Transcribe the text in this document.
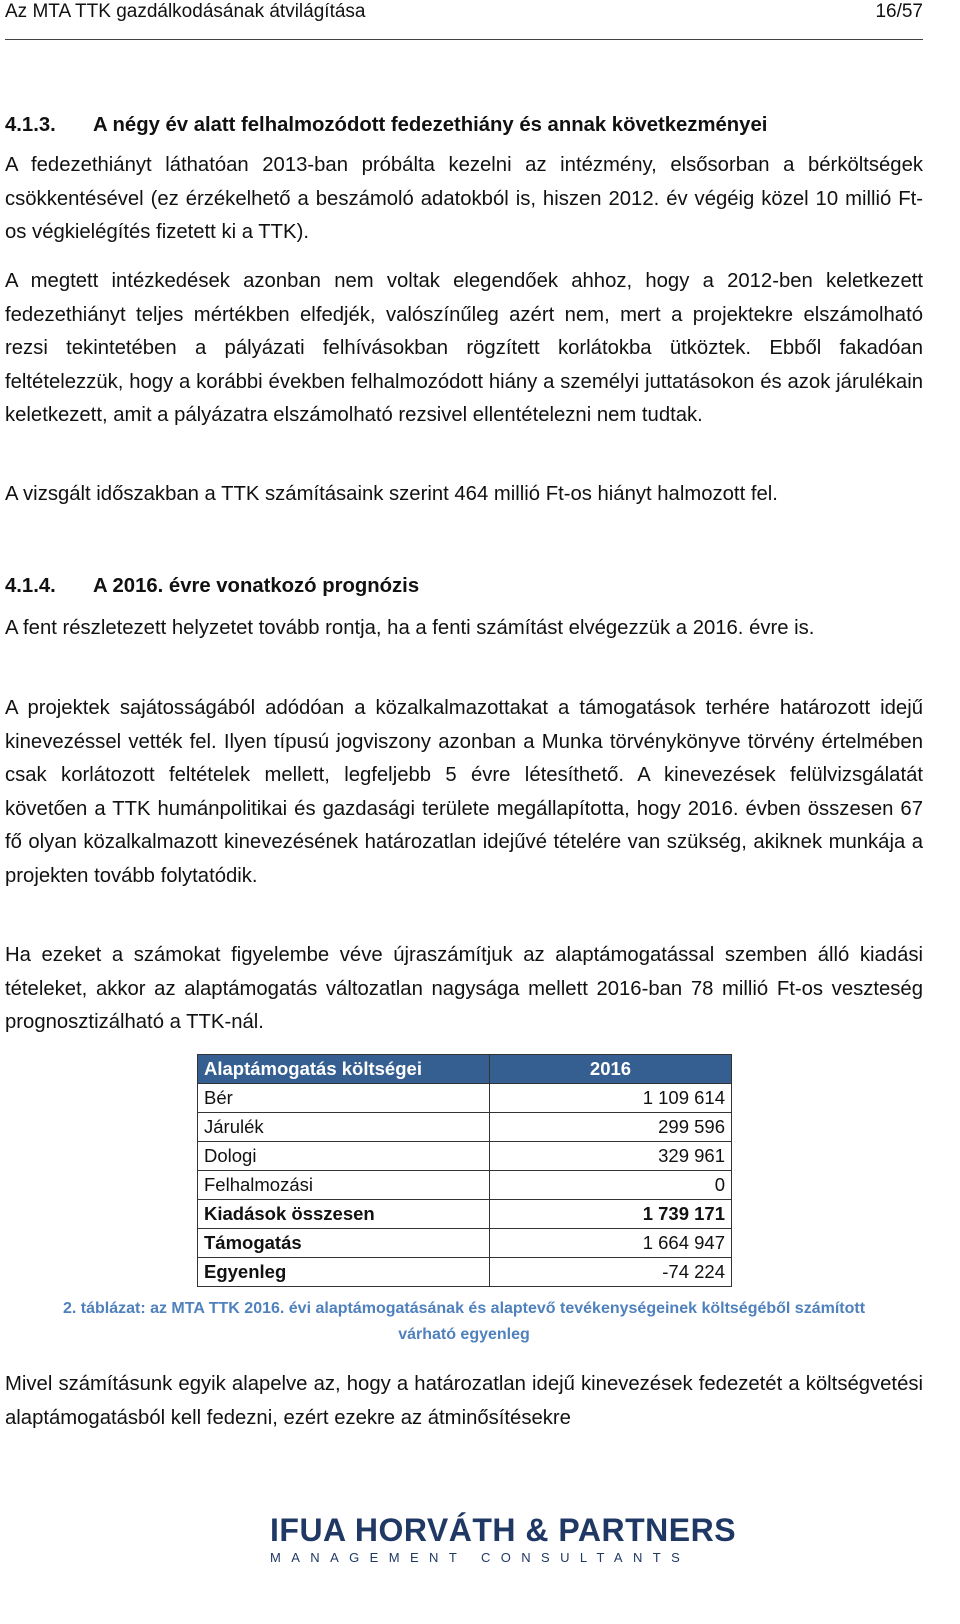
Az MTA TTK gazdálkodásának átvilágítása	16/57
4.1.3. A négy év alatt felhalmozódott fedezethiány és annak következményei

A fedezethiányt láthatóan 2013-ban próbálta kezelni az intézmény, elsősorban a bérköltségek csökkentésével (ez érzékelhető a beszámoló adatokból is, hiszen 2012. év végéig közel 10 millió Ft-os végkielégítés fizetett ki a TTK).

A megtett intézkedések azonban nem voltak elegendőek ahhoz, hogy a 2012-ben keletkezett fedezethiányt teljes mértékben elfedjék, valószínűleg azért nem, mert a projektekre elszámolható rezsi tekintetében a pályázati felhívásokban rögzített korlátokba ütköztek. Ebből fakadóan feltételezzük, hogy a korábbi években felhalmozódott hiány a személyi juttatásokon és azok járulékain keletkezett, amit a pályázatra elszámolható rezsivel ellentételezni nem tudtak.

A vizsgált időszakban a TTK számításaink szerint 464 millió Ft-os hiányt halmozott fel.

4.1.4. A 2016. évre vonatkozó prognózis

A fent részletezett helyzetet tovább rontja, ha a fenti számítást elvégezzük a 2016. évre is.

A projektek sajátosságából adódóan a közalkalmazottakat a támogatások terhére határozott idejű kinevezéssel vették fel. Ilyen típusú jogviszony azonban a Munka törvénykönyve törvény értelmében csak korlátozott feltételek mellett, legfeljebb 5 évre létesíthető. A kinevezések felülvizsgálatát követően a TTK humánpolitikai és gazdasági területe megállapította, hogy 2016. évben összesen 67 fő olyan közalkalmazott kinevezésének határozatlan idejűvé tételére van szükség, akiknek munkája a projekten tovább folytatódik.

Ha ezeket a számokat figyelembe véve újraszámítjuk az alaptámogatással szemben álló kiadási tételeket, akkor az alaptámogatás változatlan nagysága mellett 2016-ban 78 millió Ft-os veszteség prognosztizálható a TTK-nál.

Alaptámogatás költségei	2016
Bér	1 109 614
Járulék	299 596
Dologi	329 961
Felhalmozási	0
Kiadások összesen	1 739 171
Támogatás	1 664 947
Egyenleg	-74 224
2. táblázat: az MTA TTK 2016. évi alaptámogatásának és alaptevő tevékenységeinek költségéből számított
várható egyenleg

Mivel számításunk egyik alapelve az, hogy a határozatlan idejű kinevezések fedezetét a költségvetési alaptámogatásból kell fedezni, ezért ezekre az átminősítésekre

IFUA HORVÁTH & PARTNERS
MANAGEMENT CONSULTANTS
